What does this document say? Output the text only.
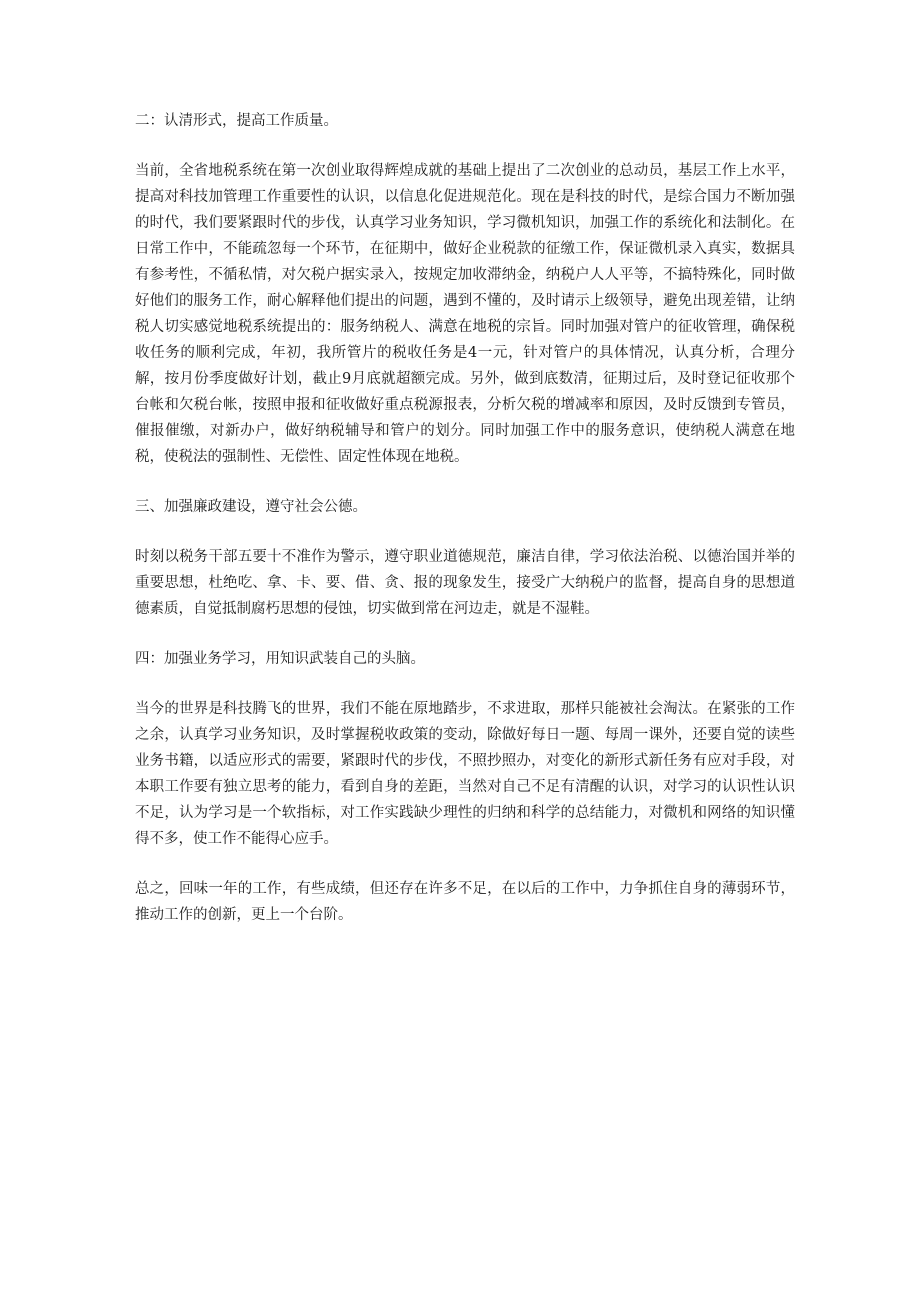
二：认清形式，提高工作质量。

当前，全省地税系统在第一次创业取得辉煌成就的基础上提出了二次创业的总动员，基层工作上水平，提高对科技加管理工作重要性的认识，以信息化促进规范化。现在是科技的时代，是综合国力不断加强的时代，我们要紧跟时代的步伐，认真学习业务知识，学习微机知识，加强工作的系统化和法制化。在日常工作中，不能疏忽每一个环节，在征期中，做好企业税款的征缴工作，保证微机录入真实，数据具有参考性，不循私情，对欠税户据实录入，按规定加收滞纳金，纳税户人人平等，不搞特殊化，同时做好他们的服务工作，耐心解释他们提出的问题，遇到不懂的，及时请示上级领导，避免出现差错，让纳税人切实感觉地税系统提出的：服务纳税人、满意在地税的宗旨。同时加强对管户的征收管理，确保税收任务的顺利完成，年初，我所管片的税收任务是4一元，针对管户的具体情况，认真分析，合理分解，按月份季度做好计划，截止9月底就超额完成。另外，做到底数清，征期过后，及时登记征收那个台帐和欠税台帐，按照申报和征收做好重点税源报表，分析欠税的增减率和原因，及时反馈到专管员，催报催缴，对新办户，做好纳税辅导和管户的划分。同时加强工作中的服务意识，使纳税人满意在地税，使税法的强制性、无偿性、固定性体现在地税。

三、加强廉政建设，遵守社会公德。

时刻以税务干部五要十不准作为警示，遵守职业道德规范，廉洁自律，学习依法治税、以德治国并举的重要思想，杜绝吃、拿、卡、要、借、贪、报的现象发生，接受广大纳税户的监督，提高自身的思想道德素质，自觉抵制腐朽思想的侵蚀，切实做到常在河边走，就是不湿鞋。

四：加强业务学习，用知识武装自己的头脑。

当今的世界是科技腾飞的世界，我们不能在原地踏步，不求进取，那样只能被社会淘汰。在紧张的工作之余，认真学习业务知识，及时掌握税收政策的变动，除做好每日一题、每周一课外，还要自觉的读些业务书籍，以适应形式的需要，紧跟时代的步伐，不照抄照办，对变化的新形式新任务有应对手段，对本职工作要有独立思考的能力，看到自身的差距，当然对自己不足有清醒的认识，对学习的认识性认识不足，认为学习是一个软指标，对工作实践缺少理性的归纳和科学的总结能力，对微机和网络的知识懂得不多，使工作不能得心应手。

总之，回味一年的工作，有些成绩，但还存在许多不足，在以后的工作中，力争抓住自身的薄弱环节，推动工作的创新，更上一个台阶。
